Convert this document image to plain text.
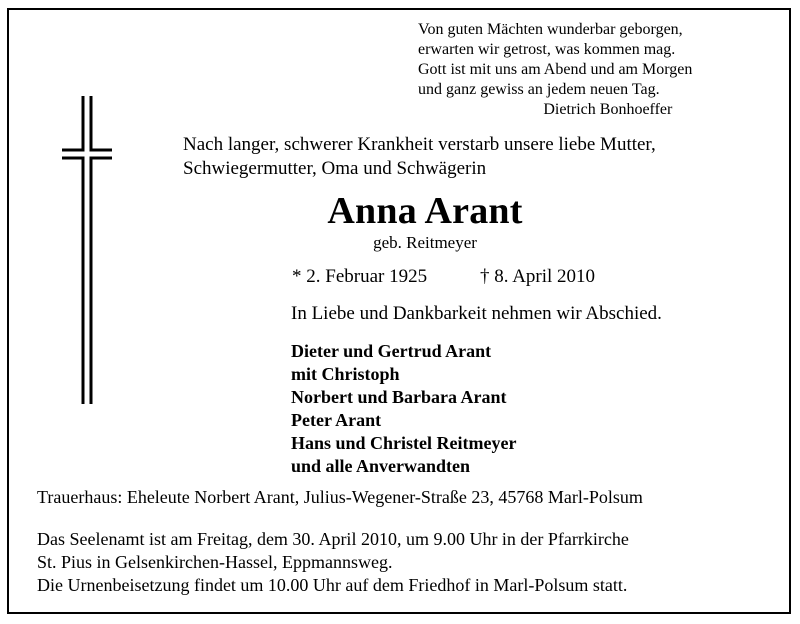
Von guten Mächten wunderbar geborgen,
erwarten wir getrost, was kommen mag.
Gott ist mit uns am Abend und am Morgen
und ganz gewiss an jedem neuen Tag.
Dietrich Bonhoeffer
Nach langer, schwerer Krankheit verstarb unsere liebe Mutter,
Schwiegermutter, Oma und Schwägerin
Anna Arant
geb. Reitmeyer
* 2. Februar 1925	† 8. April 2010
In Liebe und Dankbarkeit nehmen wir Abschied.
Dieter und Gertrud Arant
mit Christoph
Norbert und Barbara Arant
Peter Arant
Hans und Christel Reitmeyer
und alle Anverwandten
Trauerhaus: Eheleute Norbert Arant, Julius-Wegener-Straße 23, 45768 Marl-Polsum
Das Seelenamt ist am Freitag, dem 30. April 2010, um 9.00 Uhr in der Pfarrkirche
St. Pius in Gelsenkirchen-Hassel, Eppmannsweg.
Die Urnenbeisetzung findet um 10.00 Uhr auf dem Friedhof in Marl-Polsum statt.
